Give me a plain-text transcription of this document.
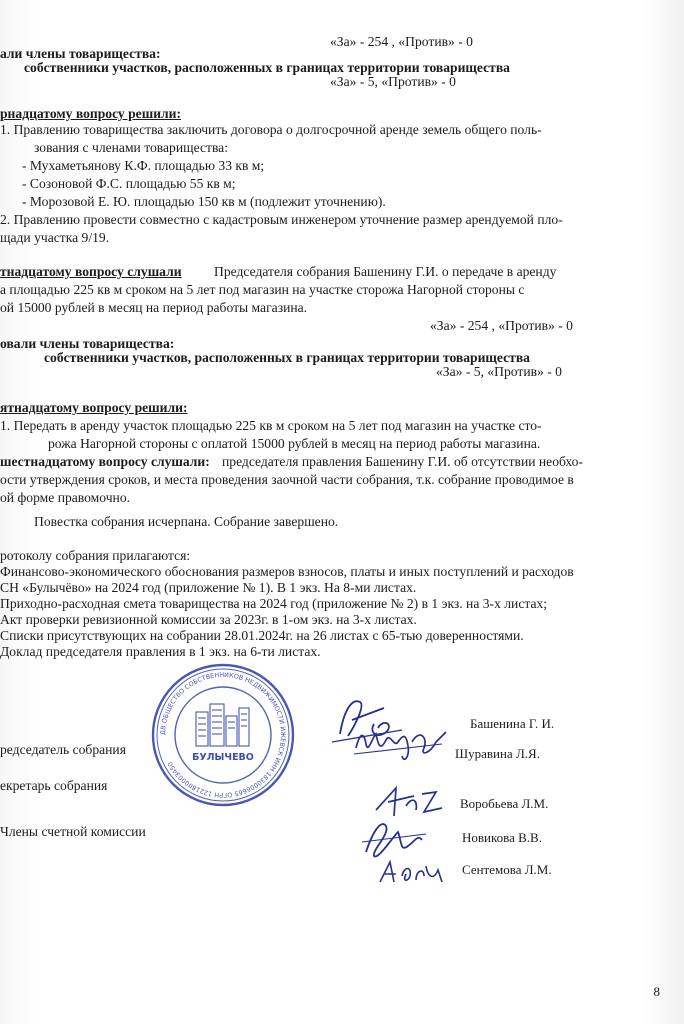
«За» - 254 , «Против» - 0
али члены товарищества:
собственники участков, расположенных в границах территории товарищества
«За» - 5, «Против» - 0
рнадцатому вопросу решили:
1. Правлению товарищества заключить договора о долгосрочной аренде земель общего поль-
зования с членами товарищества:
- Мухаметьянову К.Ф. площадью 33 кв м;
- Созоновой Ф.С. площадью 55 кв м;
- Морозовой Е. Ю. площадью 150 кв м (подлежит уточнению).
2. Правлению провести совместно с кадастровым инженером уточнение размер арендуемой пло-
щади участка 9/19.
тнадцатому вопросу слушали Председателя собрания Башенину Г.И. о передаче в аренду
а площадью 225 кв м сроком на 5 лет под магазин на участке сторожа Нагорной стороны с
ой 15000 рублей в месяц на период работы магазина.
«За» - 254 , «Против» - 0
овали члены товарищества:
собственники участков, расположенных в границах территории товарищества
«За» - 5, «Против» - 0
ятнадцатому вопросу решили:
1. Передать в аренду участок площадью 225 кв м сроком на 5 лет под магазин на участке сто-
рожа Нагорной стороны с оплатой 15000 рублей в месяц на период работы магазина.
шестнадцатому вопросу слушали: председателя правления Башенину Г.И. об отсутствии необхо-
ости утверждения сроков, и места проведения заочной части собрания, т.к. собрание проводимое в
ой форме правомочно.
Повестка собрания исчерпана. Собрание завершено.
ротоколу собрания прилагаются:
Финансово-экономического обоснования размеров взносов, платы и иных поступлений и расходов
СН «Булычёво» на 2024 год (приложение № 1). В 1 экз. На 8-ми листах.
Приходно-расходная смета товарищества на 2024 год (приложение № 2) в 1 экз. на 3-х листах;
Акт проверки ревизионной комиссии за 2023г. в 1-ом экз. на 3-х листах.
Списки присутствующих на собрании 28.01.2024г. на 26 листах с 65-тью доверенностями.
Доклад председателя правления в 1 экз. на 6-ти листах.
редседатель собрания
екретарь собрания
Члены счетной комиссии
Башенина Г. И.
Шуравина Л.Я.
Воробьева Л.М.
Новикова В.В.
Сентемова Л.М.
ДВ ОБЩЕСТВО СОБСТВЕННИКОВ НЕДВИЖИМОСТИ ИЖЕВСК ИНН 1830006665 ОГРН 1221800003450
БУЛЫЧЁВО
8
